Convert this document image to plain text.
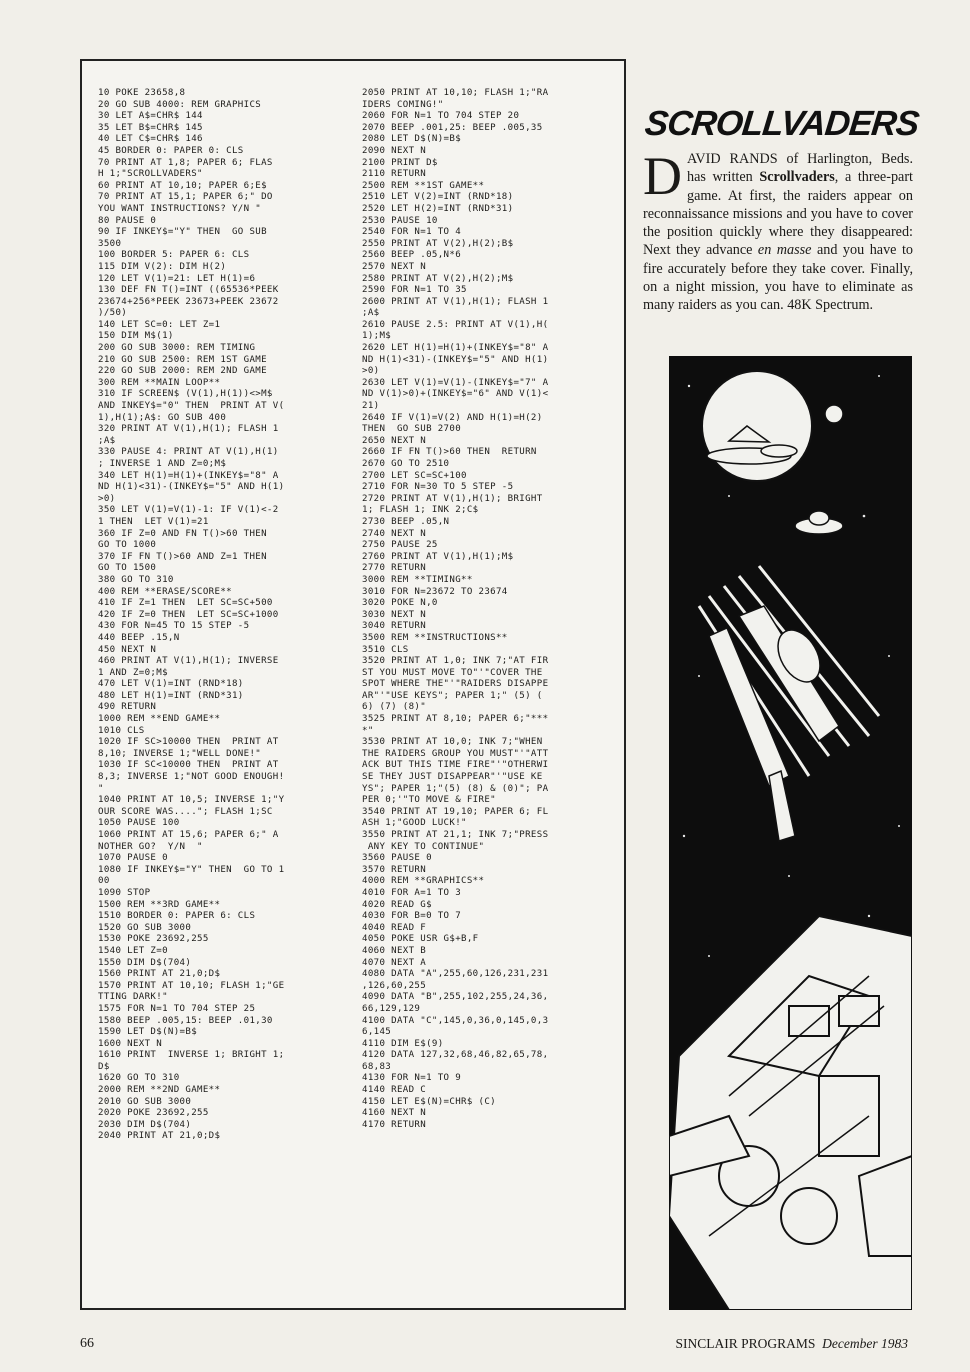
10 POKE 23658,8
20 GO SUB 4000: REM GRAPHICS
30 LET A$=CHR$ 144
35 LET B$=CHR$ 145
40 LET C$=CHR$ 146
45 BORDER 0: PAPER 0: CLS
70 PRINT AT 1,8; PAPER 6; FLAS
H 1;"SCROLLVADERS"
60 PRINT AT 10,10; PAPER 6;E$
70 PRINT AT 15,1; PAPER 6;" DO
YOU WANT INSTRUCTIONS? Y/N "
80 PAUSE 0
90 IF INKEY$="Y" THEN  GO SUB
3500
100 BORDER 5: PAPER 6: CLS
115 DIM V(2): DIM H(2)
120 LET V(1)=21: LET H(1)=6
130 DEF FN T()=INT ((65536*PEEK
23674+256*PEEK 23673+PEEK 23672
)/50)
140 LET SC=0: LET Z=1
150 DIM M$(1)
200 GO SUB 3000: REM TIMING
210 GO SUB 2500: REM 1ST GAME
220 GO SUB 2000: REM 2ND GAME
300 REM **MAIN LOOP**
310 IF SCREEN$ (V(1),H(1))<>M$
AND INKEY$="0" THEN  PRINT AT V(
1),H(1);A$: GO SUB 400
320 PRINT AT V(1),H(1); FLASH 1
;A$
330 PAUSE 4: PRINT AT V(1),H(1)
; INVERSE 1 AND Z=0;M$
340 LET H(1)=H(1)+(INKEY$="8" A
ND H(1)<31)-(INKEY$="5" AND H(1)
>0)
350 LET V(1)=V(1)-1: IF V(1)<-2
1 THEN  LET V(1)=21
360 IF Z=0 AND FN T()>60 THEN
GO TO 1000
370 IF FN T()>60 AND Z=1 THEN
GO TO 1500
380 GO TO 310
400 REM **ERASE/SCORE**
410 IF Z=1 THEN  LET SC=SC+500
420 IF Z=0 THEN  LET SC=SC+1000
430 FOR N=45 TO 15 STEP -5
440 BEEP .15,N
450 NEXT N
460 PRINT AT V(1),H(1); INVERSE
1 AND Z=0;M$
470 LET V(1)=INT (RND*18)
480 LET H(1)=INT (RND*31)
490 RETURN
1000 REM **END GAME**
1010 CLS
1020 IF SC>10000 THEN  PRINT AT
8,10; INVERSE 1;"WELL DONE!"
1030 IF SC<10000 THEN  PRINT AT
8,3; INVERSE 1;"NOT GOOD ENOUGH!
"
1040 PRINT AT 10,5; INVERSE 1;"Y
OUR SCORE WAS...."; FLASH 1;SC
1050 PAUSE 100
1060 PRINT AT 15,6; PAPER 6;" A
NOTHER GO?  Y/N  "
1070 PAUSE 0
1080 IF INKEY$="Y" THEN  GO TO 1
00
1090 STOP
1500 REM **3RD GAME**
1510 BORDER 0: PAPER 6: CLS
1520 GO SUB 3000
1530 POKE 23692,255
1540 LET Z=0
1550 DIM D$(704)
1560 PRINT AT 21,0;D$
1570 PRINT AT 10,10; FLASH 1;"GE
TTING DARK!"
1575 FOR N=1 TO 704 STEP 25
1580 BEEP .005,15: BEEP .01,30
1590 LET D$(N)=B$
1600 NEXT N
1610 PRINT  INVERSE 1; BRIGHT 1;
D$
1620 GO TO 310
2000 REM **2ND GAME**
2010 GO SUB 3000
2020 POKE 23692,255
2030 DIM D$(704)
2040 PRINT AT 21,0;D$
2050 PRINT AT 10,10; FLASH 1;"RA
IDERS COMING!"
2060 FOR N=1 TO 704 STEP 20
2070 BEEP .001,25: BEEP .005,35
2080 LET D$(N)=B$
2090 NEXT N
2100 PRINT D$
2110 RETURN
2500 REM **1ST GAME**
2510 LET V(2)=INT (RND*18)
2520 LET H(2)=INT (RND*31)
2530 PAUSE 10
2540 FOR N=1 TO 4
2550 PRINT AT V(2),H(2);B$
2560 BEEP .05,N*6
2570 NEXT N
2580 PRINT AT V(2),H(2);M$
2590 FOR N=1 TO 35
2600 PRINT AT V(1),H(1); FLASH 1
;A$
2610 PAUSE 2.5: PRINT AT V(1),H(
1);M$
2620 LET H(1)=H(1)+(INKEY$="8" A
ND H(1)<31)-(INKEY$="5" AND H(1)
>0)
2630 LET V(1)=V(1)-(INKEY$="7" A
ND V(1)>0)+(INKEY$="6" AND V(1)<
21)
2640 IF V(1)=V(2) AND H(1)=H(2)
THEN  GO SUB 2700
2650 NEXT N
2660 IF FN T()>60 THEN  RETURN
2670 GO TO 2510
2700 LET SC=SC+100
2710 FOR N=30 TO 5 STEP -5
2720 PRINT AT V(1),H(1); BRIGHT
1; FLASH 1; INK 2;C$
2730 BEEP .05,N
2740 NEXT N
2750 PAUSE 25
2760 PRINT AT V(1),H(1);M$
2770 RETURN
3000 REM **TIMING**
3010 FOR N=23672 TO 23674
3020 POKE N,0
3030 NEXT N
3040 RETURN
3500 REM **INSTRUCTIONS**
3510 CLS
3520 PRINT AT 1,0; INK 7;"AT FIR
ST YOU MUST MOVE TO"'"COVER THE
SPOT WHERE THE"'"RAIDERS DISAPPE
AR"'"USE KEYS"; PAPER 1;" (5) (
6) (7) (8)"
3525 PRINT AT 8,10; PAPER 6;"***
*"
3530 PRINT AT 10,0; INK 7;"WHEN
THE RAIDERS GROUP YOU MUST"'"ATT
ACK BUT THIS TIME FIRE"'"OTHERWI
SE THEY JUST DISAPPEAR"'"USE KE
YS"; PAPER 1;"(5) (8) & (0)"; PA
PER 0;'"TO MOVE & FIRE"
3540 PRINT AT 19,10; PAPER 6; FL
ASH 1;"GOOD LUCK!"
3550 PRINT AT 21,1; INK 7;"PRESS
ANY KEY TO CONTINUE"
3560 PAUSE 0
3570 RETURN
4000 REM **GRAPHICS**
4010 FOR A=1 TO 3
4020 READ G$
4030 FOR B=0 TO 7
4040 READ F
4050 POKE USR G$+B,F
4060 NEXT B
4070 NEXT A
4080 DATA "A",255,60,126,231,231
,126,60,255
4090 DATA "B",255,102,255,24,36,
66,129,129
4100 DATA "C",145,0,36,0,145,0,3
6,145
4110 DIM E$(9)
4120 DATA 127,32,68,46,82,65,78,
68,83
4130 FOR N=1 TO 9
4140 READ C
4150 LET E$(N)=CHR$ (C)
4160 NEXT N
4170 RETURN
SCROLLVADERS

DAVID RANDS of Harlington, Beds. has written Scrollvaders, a three-part game. At first, the raiders appear on reconnaissance missions and you have to cover the position quickly where they disappeared: Next they advance en masse and you have to fire accurately before they take cover. Finally, on a night mission, you have to eliminate as many raiders as you can. 48K Spectrum.

66	SINCLAIR PROGRAMS December 1983
